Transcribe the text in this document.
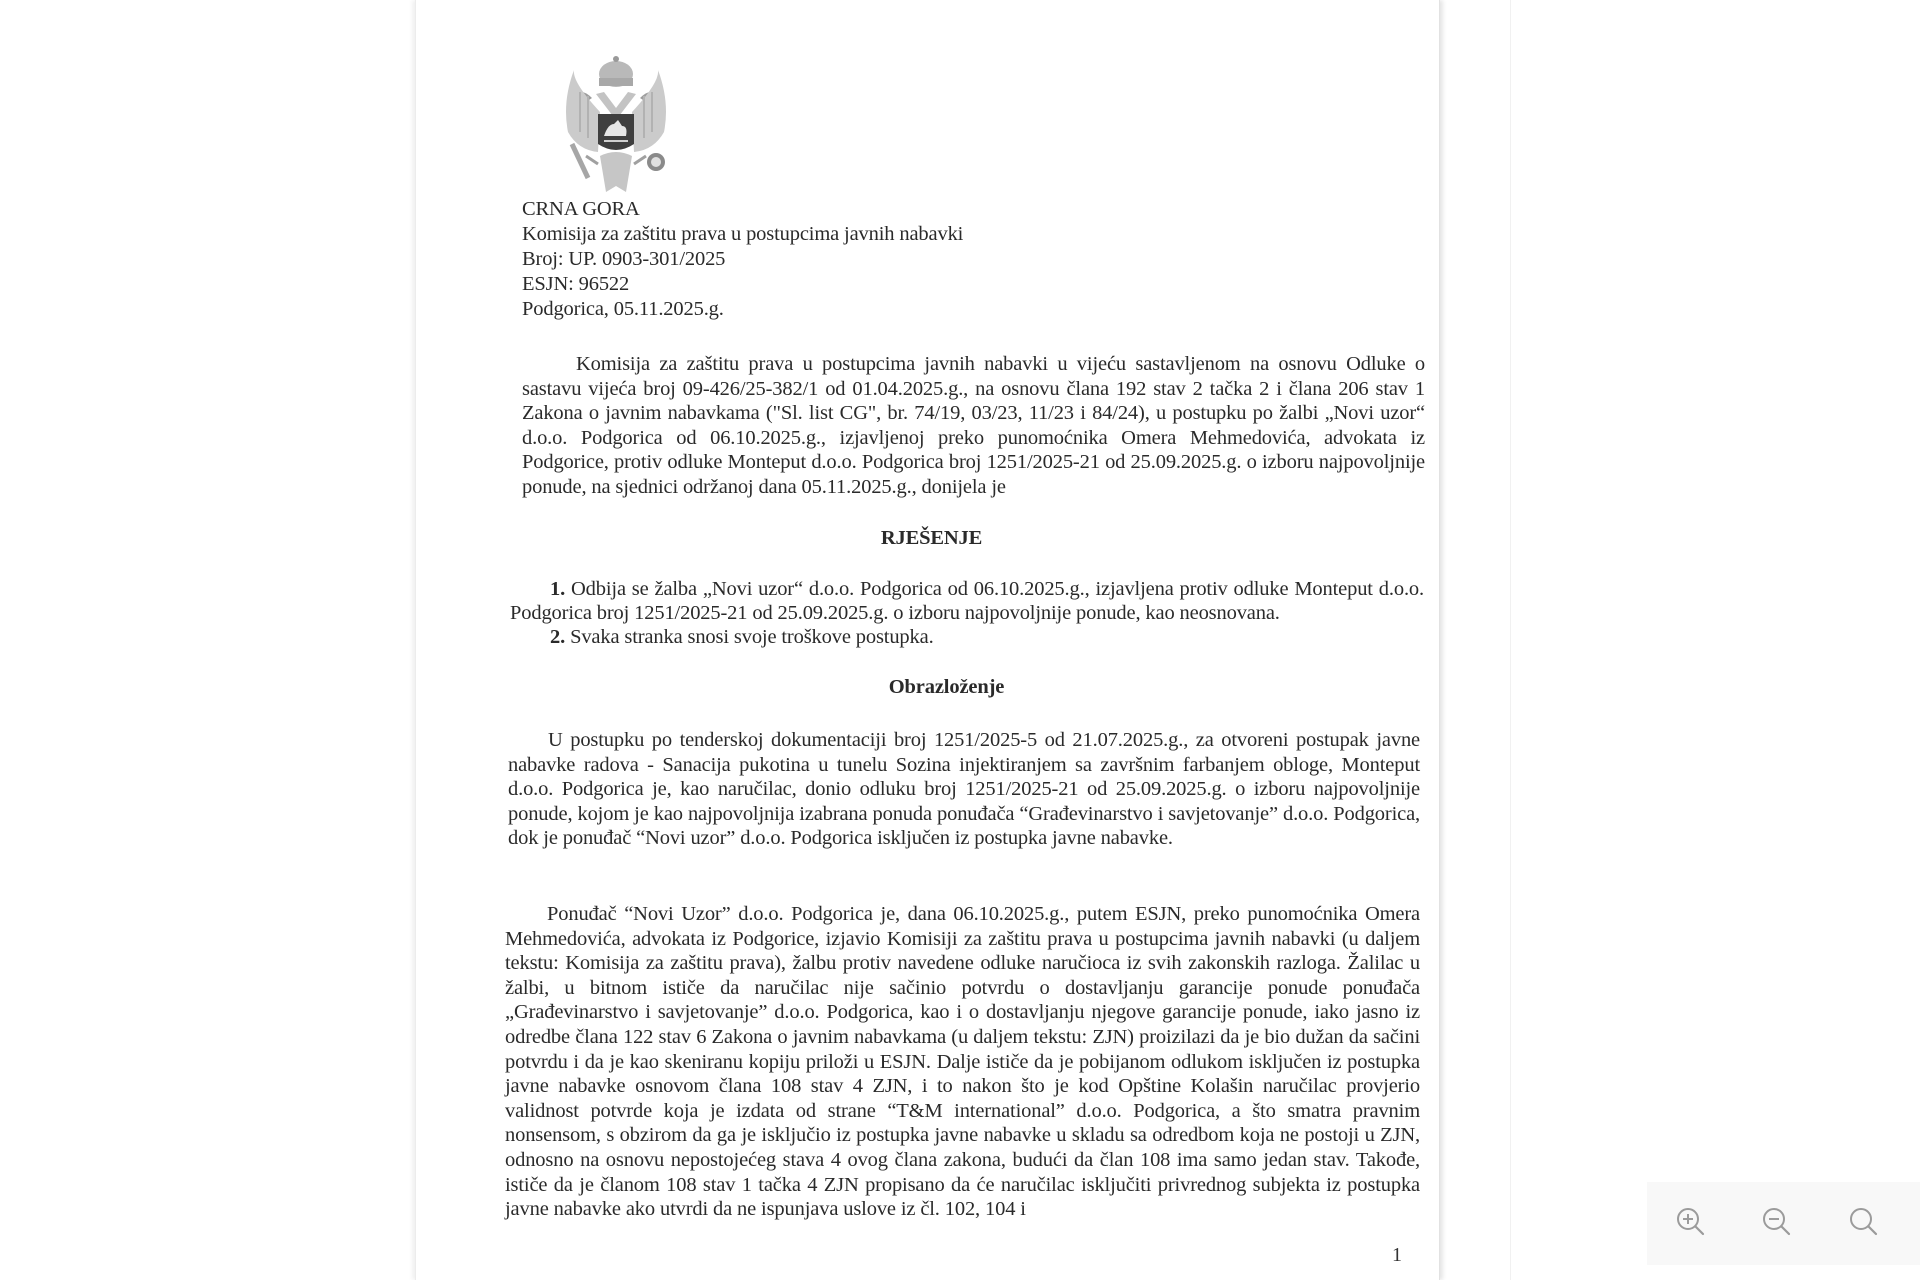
CRNA GORA
Komisija za zaštitu prava u postupcima javnih nabavki
Broj: UP. 0903-301/2025
ESJN: 96522
Podgorica, 05.11.2025.g.
Komisija za zaštitu prava u postupcima javnih nabavki u vijeću sastavljenom na osnovu Odluke o sastavu vijeća broj 09-426/25-382/1 od 01.04.2025.g., na osnovu člana 192 stav 2 tačka 2 i člana 206 stav 1 Zakona o javnim nabavkama ("Sl. list CG", br. 74/19, 03/23, 11/23 i 84/24), u postupku po žalbi „Novi uzor“ d.o.o. Podgorica od 06.10.2025.g., izjavljenoj preko punomoćnika Omera Mehmedovića, advokata iz Podgorice, protiv odluke Monteput d.o.o. Podgorica broj 1251/2025-21 od 25.09.2025.g. o izboru najpovoljnije ponude, na sjednici održanoj dana 05.11.2025.g., donijela je
RJEŠENJE
1. Odbija se žalba „Novi uzor“ d.o.o. Podgorica od 06.10.2025.g., izjavljena protiv odluke Monteput d.o.o. Podgorica broj 1251/2025-21 od 25.09.2025.g. o izboru najpovoljnije ponude, kao neosnovana.
2. Svaka stranka snosi svoje troškove postupka.
Obrazloženje
U postupku po tenderskoj dokumentaciji broj 1251/2025-5 od 21.07.2025.g., za otvoreni postupak javne nabavke radova - Sanacija pukotina u tunelu Sozina injektiranjem sa završnim farbanjem obloge, Monteput d.o.o. Podgorica je, kao naručilac, donio odluku broj 1251/2025-21 od 25.09.2025.g. o izboru najpovoljnije ponude, kojom je kao najpovoljnija izabrana ponuda ponuđača “Građevinarstvo i savjetovanje” d.o.o. Podgorica, dok je ponuđač “Novi uzor” d.o.o. Podgorica isključen iz postupka javne nabavke.
Ponuđač “Novi Uzor” d.o.o. Podgorica je, dana 06.10.2025.g., putem ESJN, preko punomoćnika Omera Mehmedovića, advokata iz Podgorice, izjavio Komisiji za zaštitu prava u postupcima javnih nabavki (u daljem tekstu: Komisija za zaštitu prava), žalbu protiv navedene odluke naručioca iz svih zakonskih razloga. Žalilac u žalbi, u bitnom ističe da naručilac nije sačinio potvrdu o dostavljanju garancije ponude ponuđača „Građevinarstvo i savjetovanje” d.o.o. Podgorica, kao i o dostavljanju njegove garancije ponude, iako jasno iz odredbe člana 122 stav 6 Zakona o javnim nabavkama (u daljem tekstu: ZJN) proizilazi da je bio dužan da sačini potvrdu i da je kao skeniranu kopiju priloži u ESJN. Dalje ističe da je pobijanom odlukom isključen iz postupka javne nabavke osnovom člana 108 stav 4 ZJN, i to nakon što je kod Opštine Kolašin naručilac provjerio validnost potvrde koja je izdata od strane “T&M international” d.o.o. Podgorica, a što smatra pravnim nonsensom, s obzirom da ga je isključio iz postupka javne nabavke u skladu sa odredbom koja ne postoji u ZJN, odnosno na osnovu nepostojećeg stava 4 ovog člana zakona, budući da član 108 ima samo jedan stav. Takođe, ističe da je članom 108 stav 1 tačka 4 ZJN propisano da će naručilac isključiti privrednog subjekta iz postupka javne nabavke ako utvrdi da ne ispunjava uslove iz čl. 102, 104 i
1
